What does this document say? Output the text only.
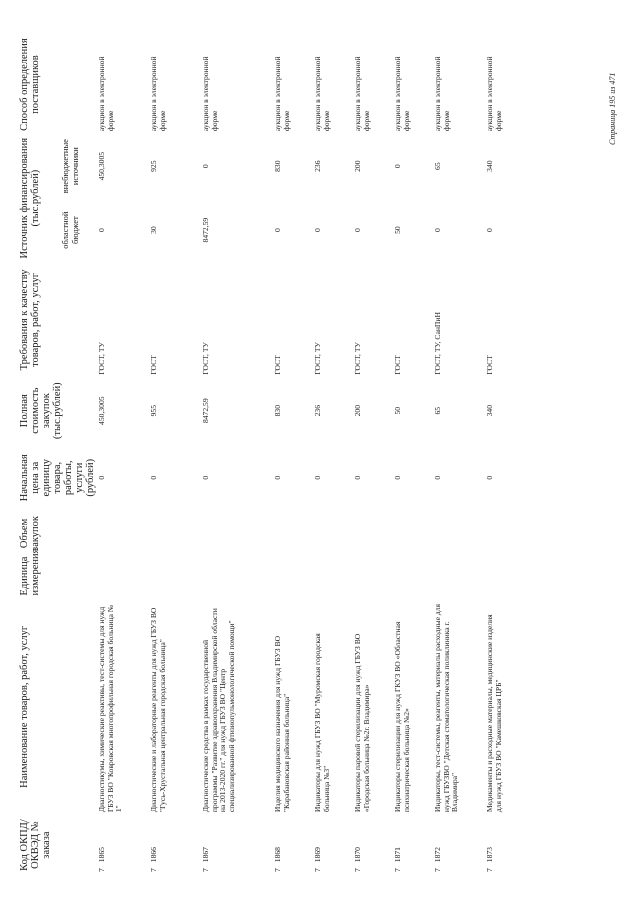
Код ОКПД/ ОКВЭД № заказа	Наименование товаров, работ, услуг	Единица измерения	Объем закупок	Начальная цена за единицу товара, работы, услуги (рублей)	Полная стоимость закупок (тыс.рублей)	Требования к качеству товаров, работ, услуг	Источник финансирования (тыс.рублей)		Способ определения поставщиков
							областной бюджет	внебюджетные источники	
71865	Диагностикумы, химические реактивы, тест-системы для нужд ГБУЗ ВО "Ковровская многопрофильная городская больница № 1"			0	450,3005	ГОСТ, ТУ	0	450,3005	аукцион в электронной форме
71866	Диагностические и лабораторные реагенты для нужд ГБУЗ ВО "Гусь-Хрустальная центральная городская больница"			0	955	ГОСТ	30	925	аукцион в электронной форме
71867	Диагностические средства в рамках государственной программы "Развитие здравоохранения Владимирской области на 2013-2020 гг." для нужд ГБУЗ ВО "Центр специализированной фтизиопульмонологической помощи"			0	8472,59	ГОСТ, ТУ	8472,59	0	аукцион в электронной форме
71868	Изделия медицинского назначения для нужд ГБУЗ ВО "Карабановская районная больница"			0	830	ГОСТ	0	830	аукцион в электронной форме
71869	Индикаторы для нужд ГБУЗ ВО "Муромская городская больница №3"			0	236	ГОСТ, ТУ	0	236	аукцион в электронной форме
71870	Индикаторы паровой стерилизации для нужд ГБУЗ ВО «Городская больница №2г. Владимира»			0	200	ГОСТ, ТУ	0	200	аукцион в электронной форме
71871	Индикаторы стерилизации для нужд ГКУЗ ВО «Областная психиатрическая больница №2»			0	50	ГОСТ	50	0	аукцион в электронной форме
71872	Индикаторы, тест-системы, реагенты, материалы расходные для нужд ГБУЗВО "Детская стоматологическая поликлиника г. Владимира"			0	65	ГОСТ, ТУ, СанПиН	0	65	аукцион в электронной форме
71873	Медикаменты и расходные материалы, медицинские изделия для нужд ГБУЗ ВО "Камешковская ЦРБ"			0	340	ГОСТ	0	340	аукцион в электронной форме	Страница 195 из 471
